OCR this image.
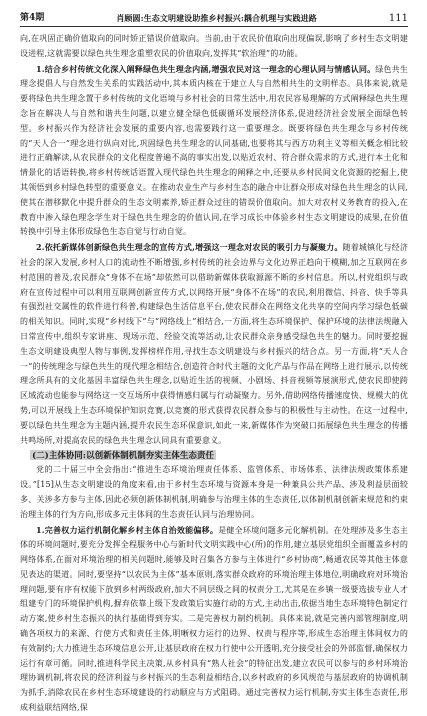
第4期	肖顾圆:生态文明建设助推乡村振兴:耦合机理与实践进路	111

向,在巩固正确价值取向的同时矫正错误价值取向。当前,由于农民价值取向出现偏误,影响了乡村生态文明建设进程,这就需要以绿色共生理念重塑农民的价值取向,发挥其“软治理”的功能。

1.结合乡村传统文化深入阐释绿色共生理念内涵,增强农民对这一理念的心理认同与情感认同。绿色共生理念提倡人与自然发生关系的实践活动中,其本质内核在于建立人与自然相共生的文明样态。具体来说,就是要将绿色共生理念置于乡村传统的文化语境与乡村社会的日常生活中,用农民容易理解的方式阐释绿色共生理念旨在解决人与自然和谐共生问题,以建立健全绿色低碳循环发展经济体系,促进经济社会发展全面绿色转型。乡村振兴作为经济社会发展的重要内容,也需要践行这一重要理念。既要将绿色共生理念与乡村传统的“天人合一”理念进行纵向对比,巩固绿色共生理念的认同基础,也要将其与西方功利主义等相关概念相比较进行正确解读,从农民群众的文化程度普遍不高的事实出发,以贴近农村、符合群众需求的方式,进行本土化和情景化的话语转换,将乡村传统话语置入现代绿色共生理念的阐释之中,还要从乡村民间文化资源的挖掘上,使其领悟到乡村绿色转型的重要意义。在推动农业生产与乡村生态的融合中让群众形成对绿色共生理念的认同,使其在潜移默化中提升群众的生态文明素养,矫正群众过往的错误价值取向。加大对农村义务教育的投入,在教育中渗入绿色理念学生对于绿色共生理念的价值认同,在学习成长中体验乡村生态文明建设的成果,在价值转换中引导主体形成绿色生态自觉与行动自觉。

2.依托新媒体创新绿色共生理念的宣传方式,增强这一理念对农民的吸引力与凝聚力。随着城镇化与经济社会的深入发展,乡村人口的流动性不断增强,乡村传统的社会边界与文化边界正趋向于模糊,加之互联网在乡村范围的普及,农民群众“身体不在场”却依然可以借助新媒体获取源源不断的乡村信息。所以,村党组织与政府在宣传过程中可以利用互联网创新宣传方式,以网络开展“身体不在场”的农民,利用微信、抖音、快手等具有强烈社交属性的软件进行科普,构建绿色生活信息平台,使农民群众在网络文化共享的空间内学习绿色低碳的相关知识。同时,实现“乡村线下”与“网络线上”相结合,一方面,将生态环境保护、保护环境的法律法规融入日常宣传中,组织专家讲座、现场示范、经验交流等活动,让农民群众亲身感受绿色共生的魅力。同时要挖掘生态文明建设典型人物与事例,发挥榜样作用,寻找生态文明建设与乡村振兴的结合点。另一方面,将“天人合一”的传统理念与绿色共生的现代理念相结合,创造符合时代主题的文化产品与作品在网络上进行展示,以传统理念所具有的文化基因丰富绿色共生理念,以贴近生活的视频、小剧场、抖音视频等展演形式,使农民即使跨区域流动也能参与网络这一交互场所中获得情感归属与行动凝聚力。另外,借助网络传播速度快、规模大的优势,可以开展线上生态环境保护知识竞赛,以竞赛的形式获得农民群众参与的积极性与主动性。在这一过程中,要以绿色共生理念为主题内涵,提升农民生态环保意识,如此一来,新媒体作为突破口拓展绿色共生理念的传播共鸣场所,对提高农民的绿色共生理念认同具有重要意义。

(二)主体协同:以创新体制机制夯实主体生态责任

党的二十届三中全会指出:“推进生态环境治理责任体系、监管体系、市场体系、法律法规政策体系建设。”[15]从生态文明建设的角度来看,由于乡村生态环境与资源本身是一种兼具公共产品、涉及利益层面较多、关涉多方参与主体,因此必须创新体制机制,明确参与治理主体的生态责任,以体制机制创新来规范和约束治理主体的行为方向,形成多元主体间的生态责任认同与治理协同。

1.完善权力运行机制化解乡村主体自治效能偏移。是健全环境问题多元化解机制。在处理涉及多生态主体的环境问题时,要充分发挥全程服务中心与新时代文明实践中心(所)的作用,建立基层党组织全面覆盖乡村的网络体系,在面对环境治理的相关问题时,能够及时召集各方参与主体进行“乡村协商”,畅通农民等其他主体意见表达的渠道。同时,要坚持“以农民为主体”基本原则,落实群众政府的环境治理主体地位,明确政府对环境治理问题,要有序有权能下放到乡村两级政府,加大不同层级之间的权责分工,尤其是在乡镇一级要选拔专业人才组建专门的环境保护机构,摒弃依靠上级下发政策后实施行动的方式,主动出击,依据当地生态环境特色制定行动方案,使乡村生态振兴的执行基础得到夯实。二是完善权力制约机制。具体来说,就是完善内部管理制度,明确各项权力的来源、行使方式和责任主体,明晰权力运行的边界、权责与程序等,形成生态治理主体间权力的有效制约;大力推进生态环境信息公开,让基层政府在权力行使中公开透明,充分接受社会的外部监督,确保权力运行有章可循。同时,推进科学民主决策,从乡村具有“熟人社会”的特征出发,建立农民可以参与的乡村环境治理协调机制,将农民的经济利益与乡村振兴的生态利益相结合,以乡村政府的乡风规范与基层政府的协调机制为抓手,消除农民在乡村生态环境建设的行动顺应与方式阻碍。通过完善权力运行机制,夯实主体生态责任,形成利益联结网络,保
